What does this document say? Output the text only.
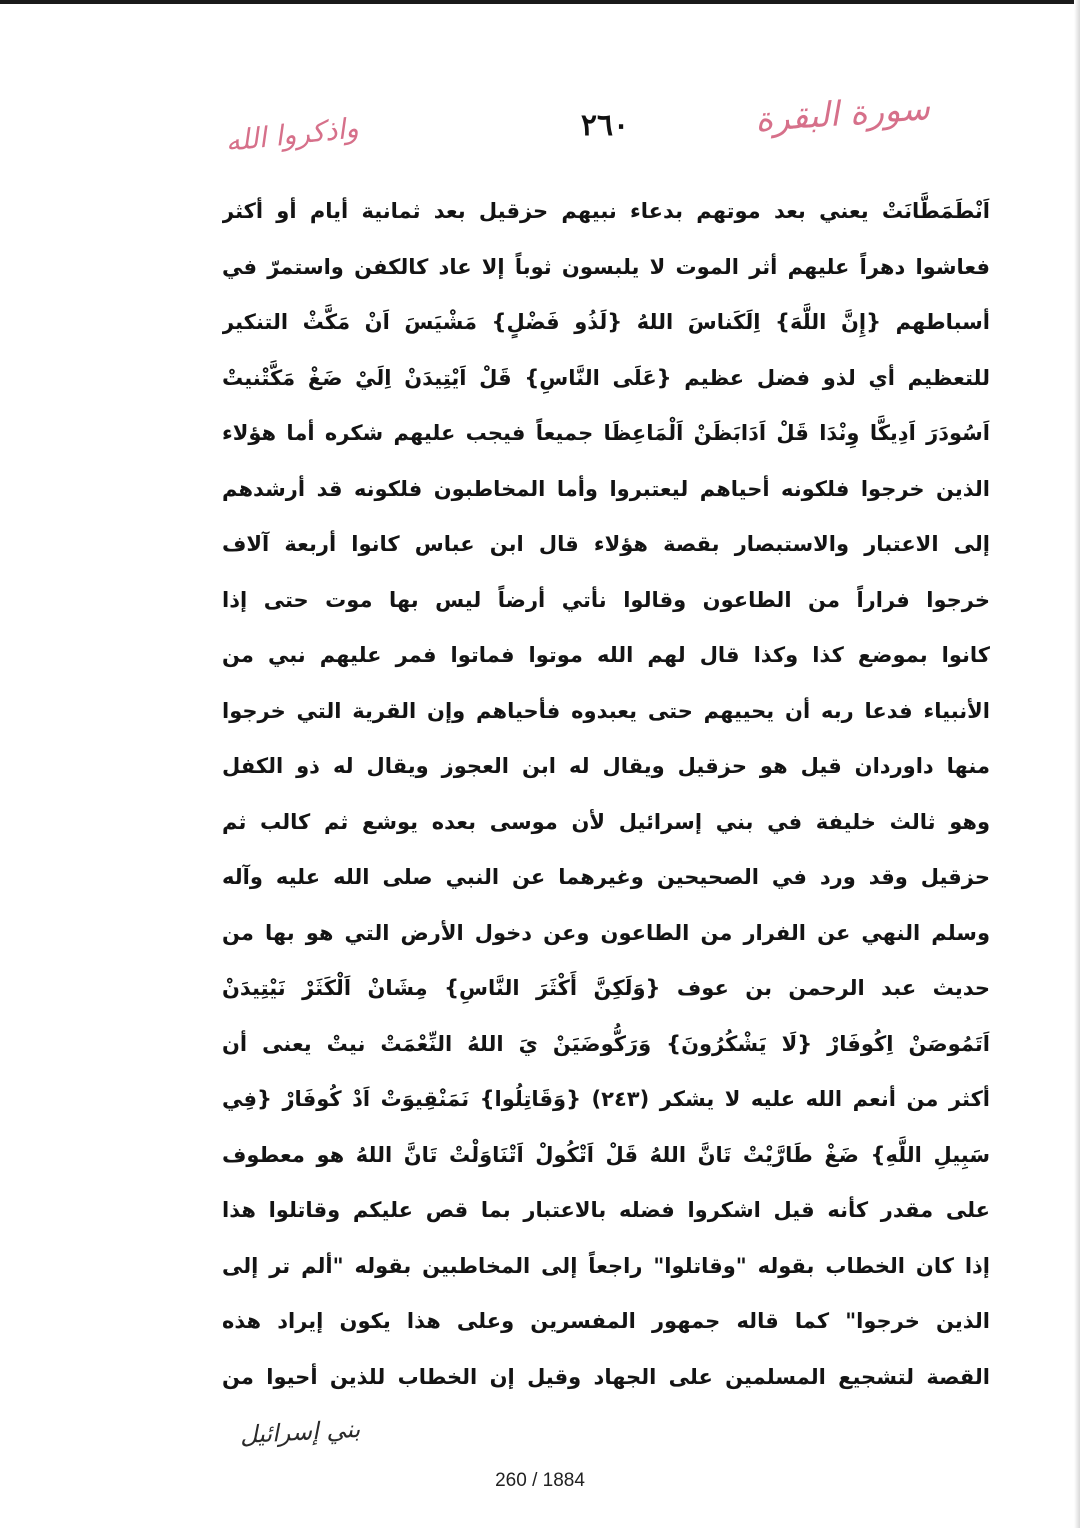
واذكروا الله	٢٦٠	سورة البقرة
اَنْطَمَطَّانَتْ يعني بعد موتهم بدعاء نبيهم حزقيل بعد ثمانية أيام أو أكثر
فعاشوا دهراً عليهم أثر الموت لا يلبسون ثوباً إلا عاد كالكفن واستمرّ في
أسباطهم {إِنَّ اللَّهَ} اِلَكَناسَ اللهُ {لَذُو فَضْلٍ} مَشْيَسَ اَنْ مَكَّثْ التنكير
للتعظيم أي لذو فضل عظيم {عَلَى النَّاسِ} قَلْ اَيْتِيدَنْ اِلَيْ ضَغْ مَكَّتْنيتْ
اَسُودَرَ اَدِيكَّا وِنْدَا قَلْ اَدَابَظَنْ اَلْمَاعِظَا جميعاً فيجب عليهم شكره أما هؤلاء
الذين خرجوا فلكونه أحياهم ليعتبروا وأما المخاطبون فلكونه قد أرشدهم
إلى الاعتبار والاستبصار بقصة هؤلاء قال ابن عباس كانوا أربعة آلاف
خرجوا فراراً من الطاعون وقالوا نأتي أرضاً ليس بها موت حتى إذا
كانوا بموضع كذا وكذا قال لهم الله موتوا فماتوا فمر عليهم نبي من
الأنبياء فدعا ربه أن يحييهم حتى يعبدوه فأحياهم وإن القرية التي خرجوا
منها داوردان قيل هو حزقيل ويقال له ابن العجوز ويقال له ذو الكفل
وهو ثالث خليفة في بني إسرائيل لأن موسى بعده يوشع ثم كالب ثم
حزقيل وقد ورد في الصحيحين وغيرهما عن النبي صلى الله عليه وآله
وسلم النهي عن الفرار من الطاعون وعن دخول الأرض التي هو بها من
حديث عبد الرحمن بن عوف {وَلَكِنَّ أَكْثَرَ النَّاسِ} مِشَانْ اَلْكَثَرْ نَيْتِيدَنْ
اَتَمُوصَنْ اِكُوفَارْ {لَا يَشْكُرُونَ} وَرَكُّوضَيَنْ يَ اللهُ النِّعْمَتْ نيتْ يعنى أن
أكثر من أنعم الله عليه لا يشكر (٢٤٣) {وَقَاتِلُوا} نَمَنْقِيوَتْ اَدْ كُوفَارْ {فِي
سَبِيلِ اللَّهِ} ضَغْ طَارَّيْتْ تَانَّ اللهُ قَلْ اَتْكُولْ اَتْنَاوَلْتْ تَانَّ اللهُ هو معطوف
على مقدر كأنه قيل اشكروا فضله بالاعتبار بما قص عليكم وقاتلوا هذا
إذا كان الخطاب بقوله "وقاتلوا" راجعاً إلى المخاطبين بقوله "ألم تر إلى
الذين خرجوا" كما قاله جمهور المفسرين وعلى هذا يكون إيراد هذه
القصة لتشجيع المسلمين على الجهاد وقيل إن الخطاب للذين أحيوا من
بني إسرائيل
260 / 1884
